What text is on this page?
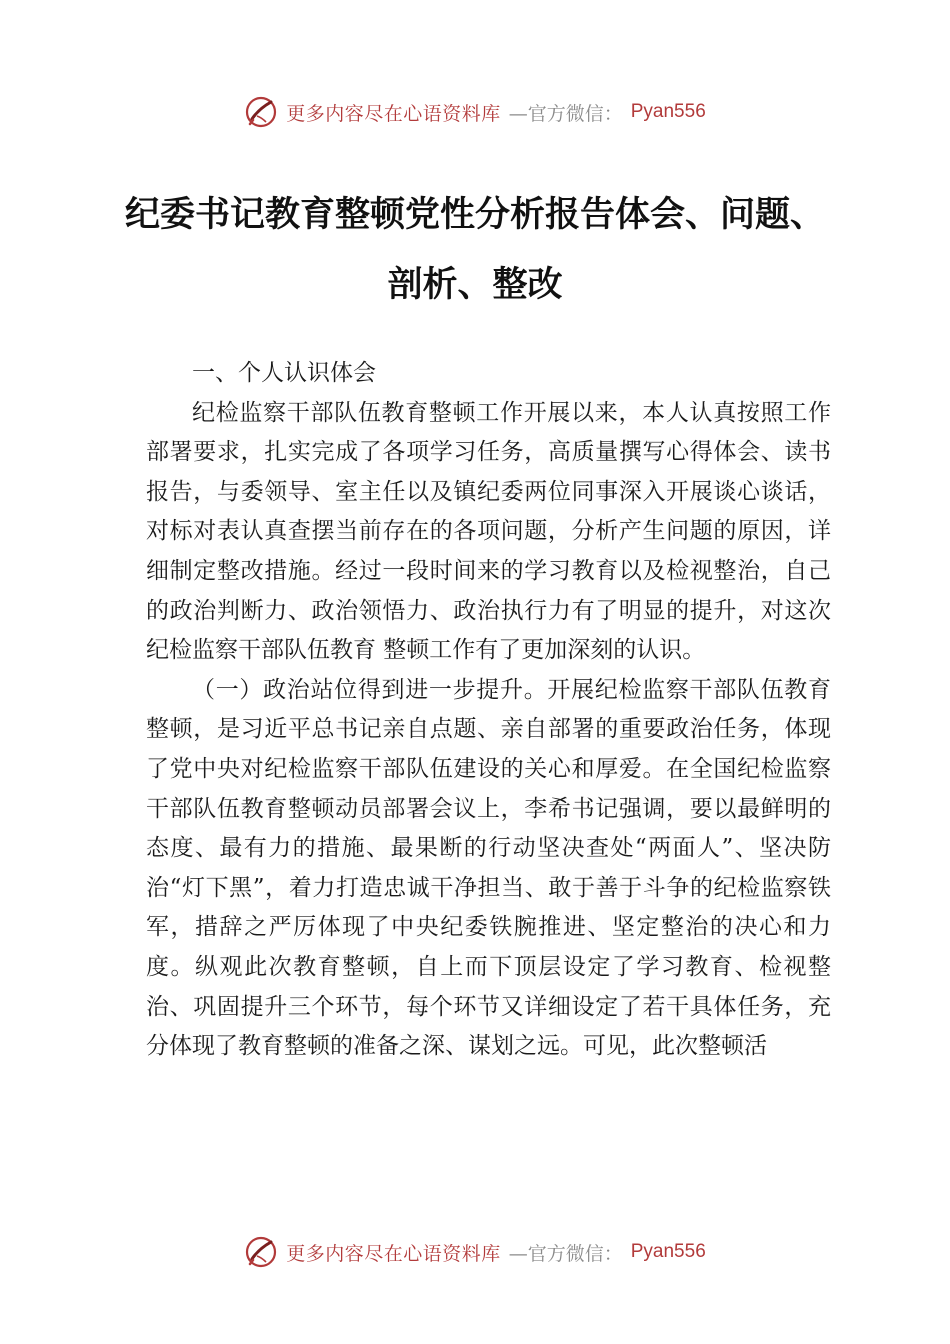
更多内容尽在心语资料库 —官方微信： Pyan556
纪委书记教育整顿党性分析报告体会、问题、剖析、整改

一、个人认识体会

纪检监察干部队伍教育整顿工作开展以来，本人认真按照工作部署要求，扎实完成了各项学习任务，高质量撰写心得体会、读书报告，与委领导、室主任以及镇纪委两位同事深入开展谈心谈话，对标对表认真查摆当前存在的各项问题，分析产生问题的原因，详细制定整改措施。经过一段时间来的学习教育以及检视整治，自己的政治判断力、政治领悟力、政治执行力有了明显的提升，对这次纪检监察干部队伍教育 整顿工作有了更加深刻的认识。

（一）政治站位得到进一步提升。开展纪检监察干部队伍教育整顿，是习近平总书记亲自点题、亲自部署的重要政治任务，体现了党中央对纪检监察干部队伍建设的关心和厚爱。在全国纪检监察干部队伍教育整顿动员部署会议上，李希书记强调，要以最鲜明的态度、最有力的措施、最果断的行动坚决查处“两面人”、坚决防治“灯下黑”，着力打造忠诚干净担当、敢于善于斗争的纪检监察铁军，措辞之严厉体现了中央纪委铁腕推进、坚定整治的决心和力度。纵观此次教育整顿，自上而下顶层设定了学习教育、检视整治、巩固提升三个环节，每个环节又详细设定了若干具体任务，充分体现了教育整顿的准备之深、谋划之远。可见，此次整顿活

更多内容尽在心语资料库 —官方微信： Pyan556
